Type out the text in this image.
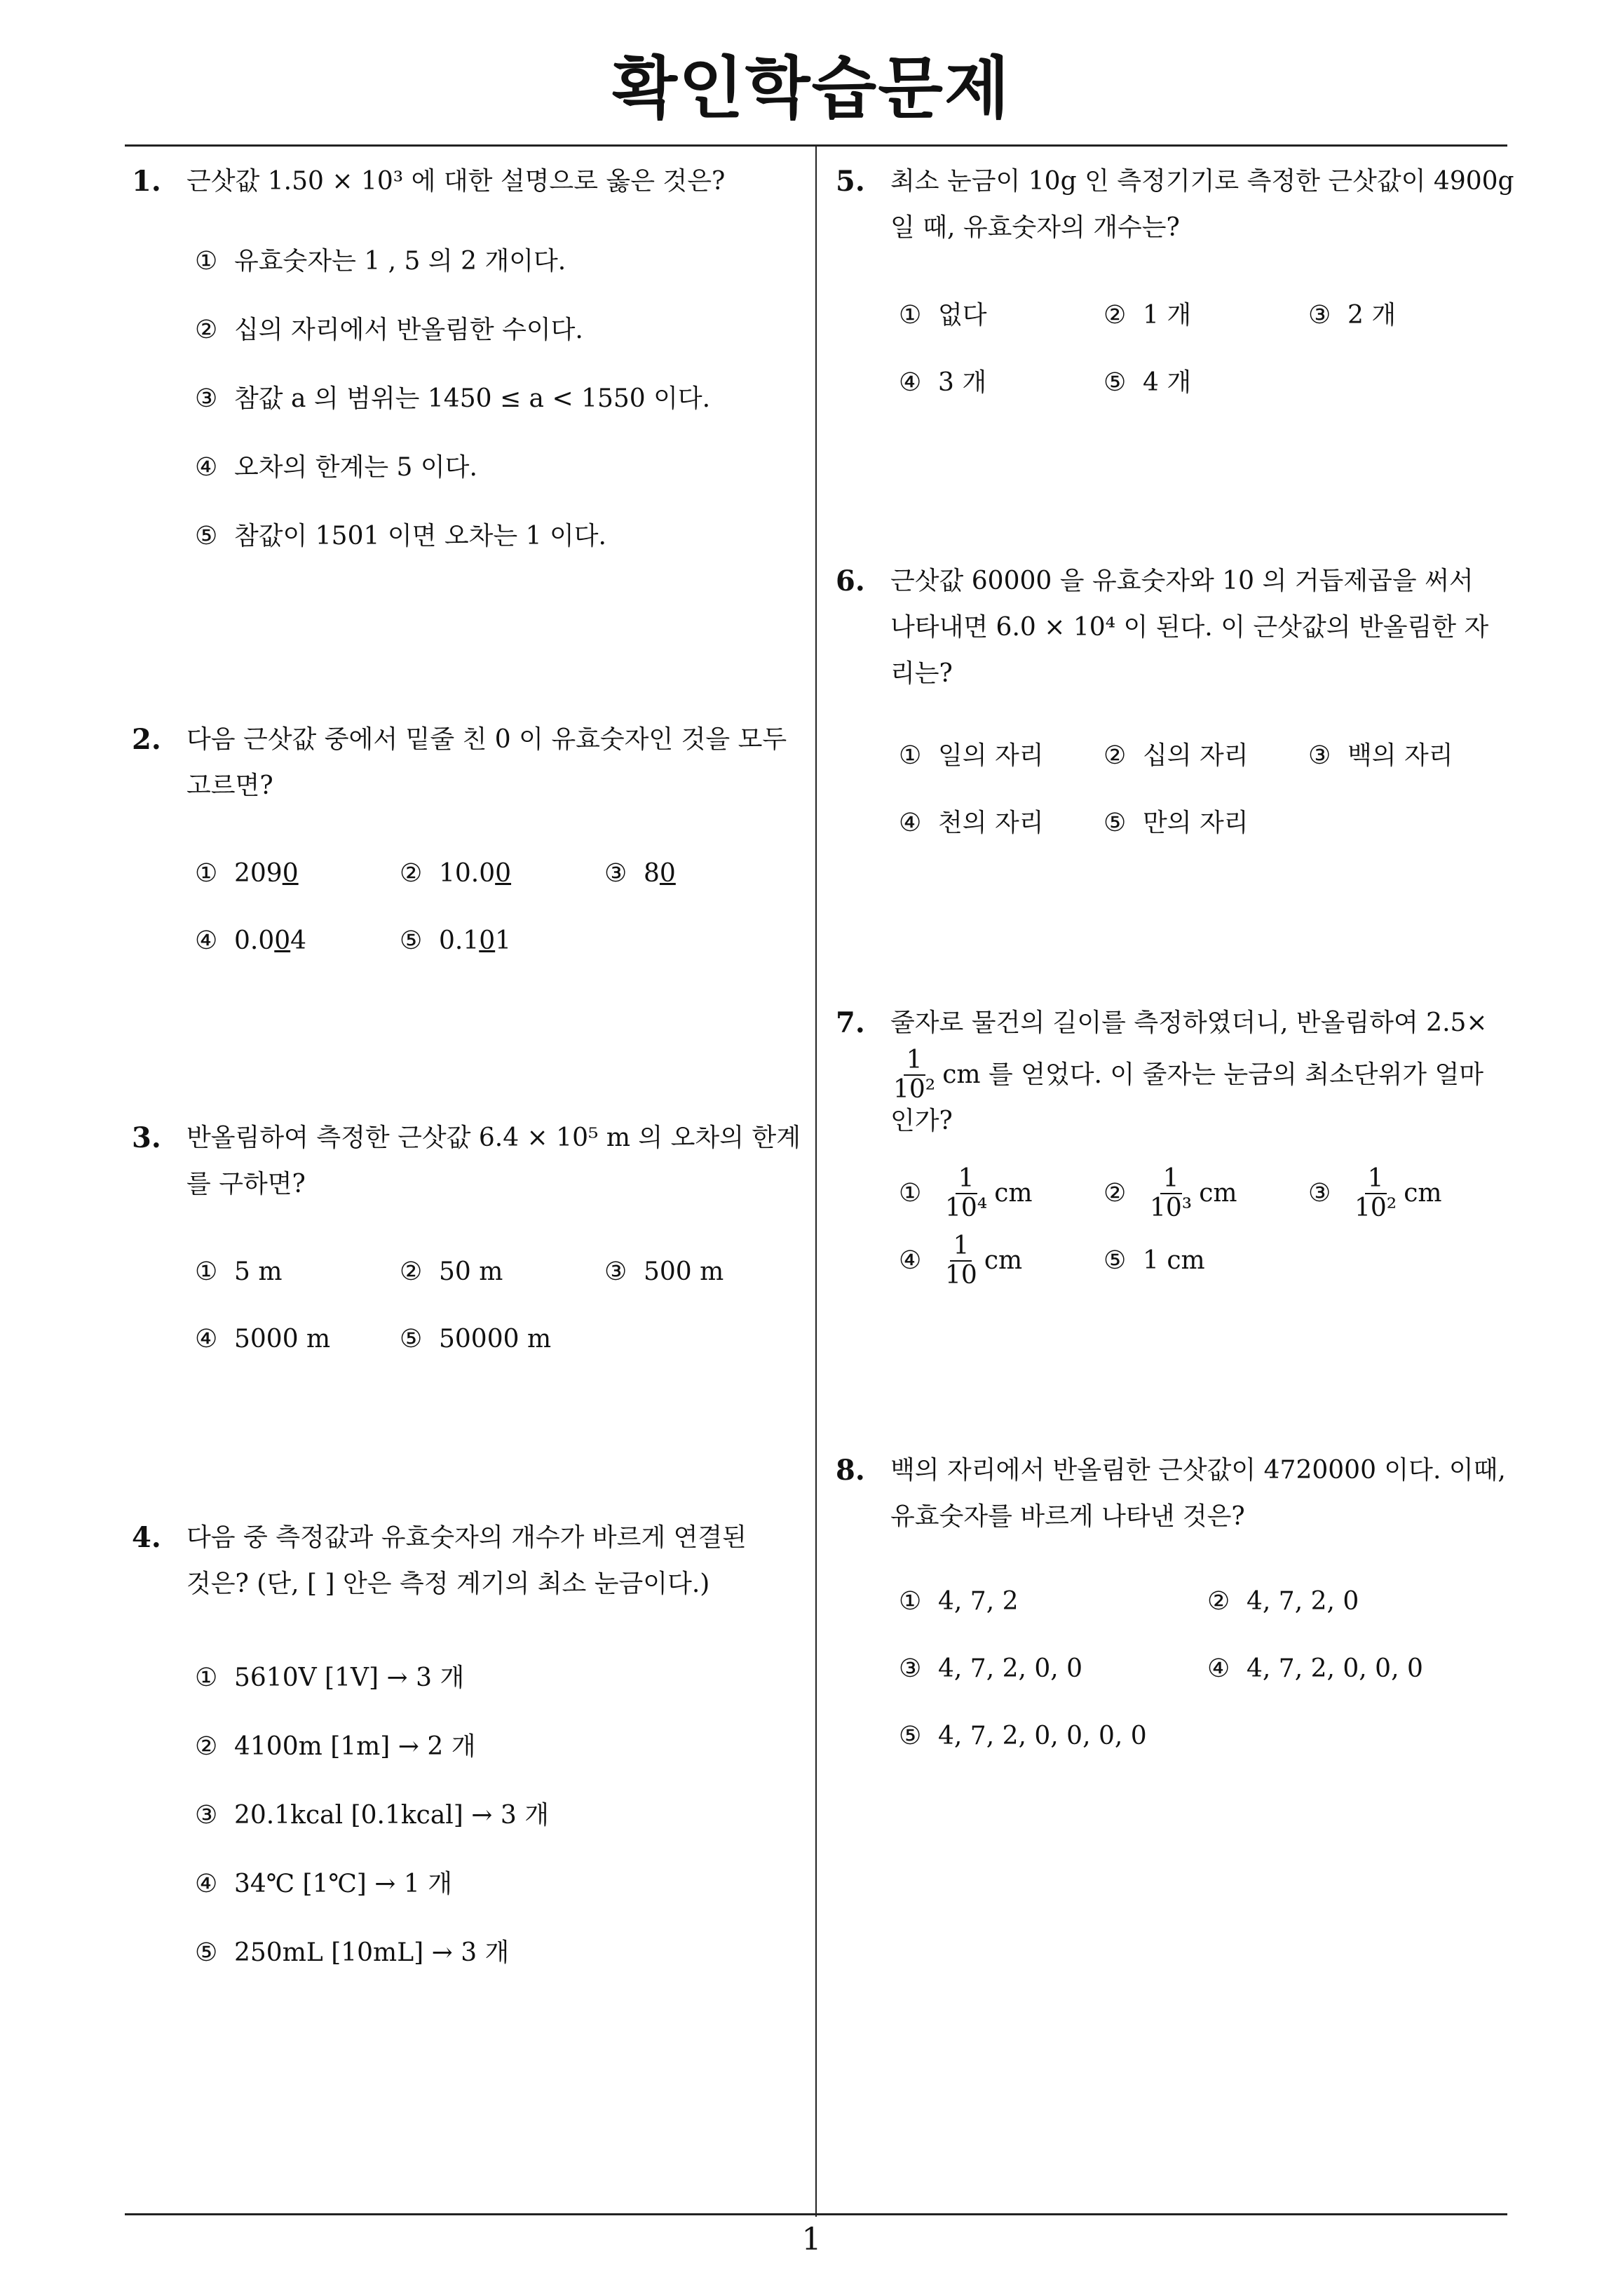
확인학습문제
1. 근삿값 1.50 × 10³ 에 대한 설명으로 옳은 것은?
① 유효숫자는 1 , 5 의 2 개이다.
② 십의 자리에서 반올림한 수이다.
③ 참값 a 의 범위는 1450 ≤ a < 1550 이다.
④ 오차의 한계는 5 이다.
⑤ 참값이 1501 이면 오차는 1 이다.
2. 다음 근삿값 중에서 밑줄 친 0 이 유효숫자인 것을 모두
고르면?
① 209 0	② 10.0 0	③ 8 0
④ 0.0 0 4	⑤ 0.1 0 1
3. 반올림하여 측정한 근삿값 6.4 × 10⁵ m 의 오차의 한계
를 구하면?
① 5 m	② 50 m	③ 500 m
④ 5000 m	⑤ 50000 m
4. 다음 중 측정값과 유효숫자의 개수가 바르게 연결된
것은? (단, [ ] 안은 측정 계기의 최소 눈금이다.)
① 5610V [1V] → 3 개
② 4100m [1m] → 2 개
③ 20.1kcal [0.1kcal] → 3 개
④ 34℃ [1℃] → 1 개
⑤ 250mL [10mL] → 3 개
5. 최소 눈금이 10g 인 측정기기로 측정한 근삿값이 4900g
일 때, 유효숫자의 개수는?
① 없다	② 1 개	③ 2 개
④ 3 개	⑤ 4 개
6. 근삿값 60000 을 유효숫자와 10 의 거듭제곱을 써서
나타내면 6.0 × 10⁴ 이 된다. 이 근삿값의 반올림한 자
리는?
① 일의 자리 ② 십의 자리 ③ 백의 자리
④ 천의 자리 ⑤ 만의 자리
7. 줄자로 물건의 길이를 측정하였더니, 반올림하여 2.5×
$\frac{1}{\text{10²}}$ cm 를 얻었다. 이 줄자는 눈금의 최소단위가 얼마
인가?
① $\frac{1}{\text{10⁴}}$ cm	② $\frac{1}{\text{10³}}$ cm	③ $\frac{1}{\text{10²}}$ cm
④ $\frac{1}{10}$ cm	⑤ 1 cm
8. 백의 자리에서 반올림한 근삿값이 4720000 이다. 이때,
유효숫자를 바르게 나타낸 것은?
① 4, 7, 2	② 4, 7, 2, 0
③ 4, 7, 2, 0, 0	④ 4, 7, 2, 0, 0, 0
⑤ 4, 7, 2, 0, 0, 0, 0
1
